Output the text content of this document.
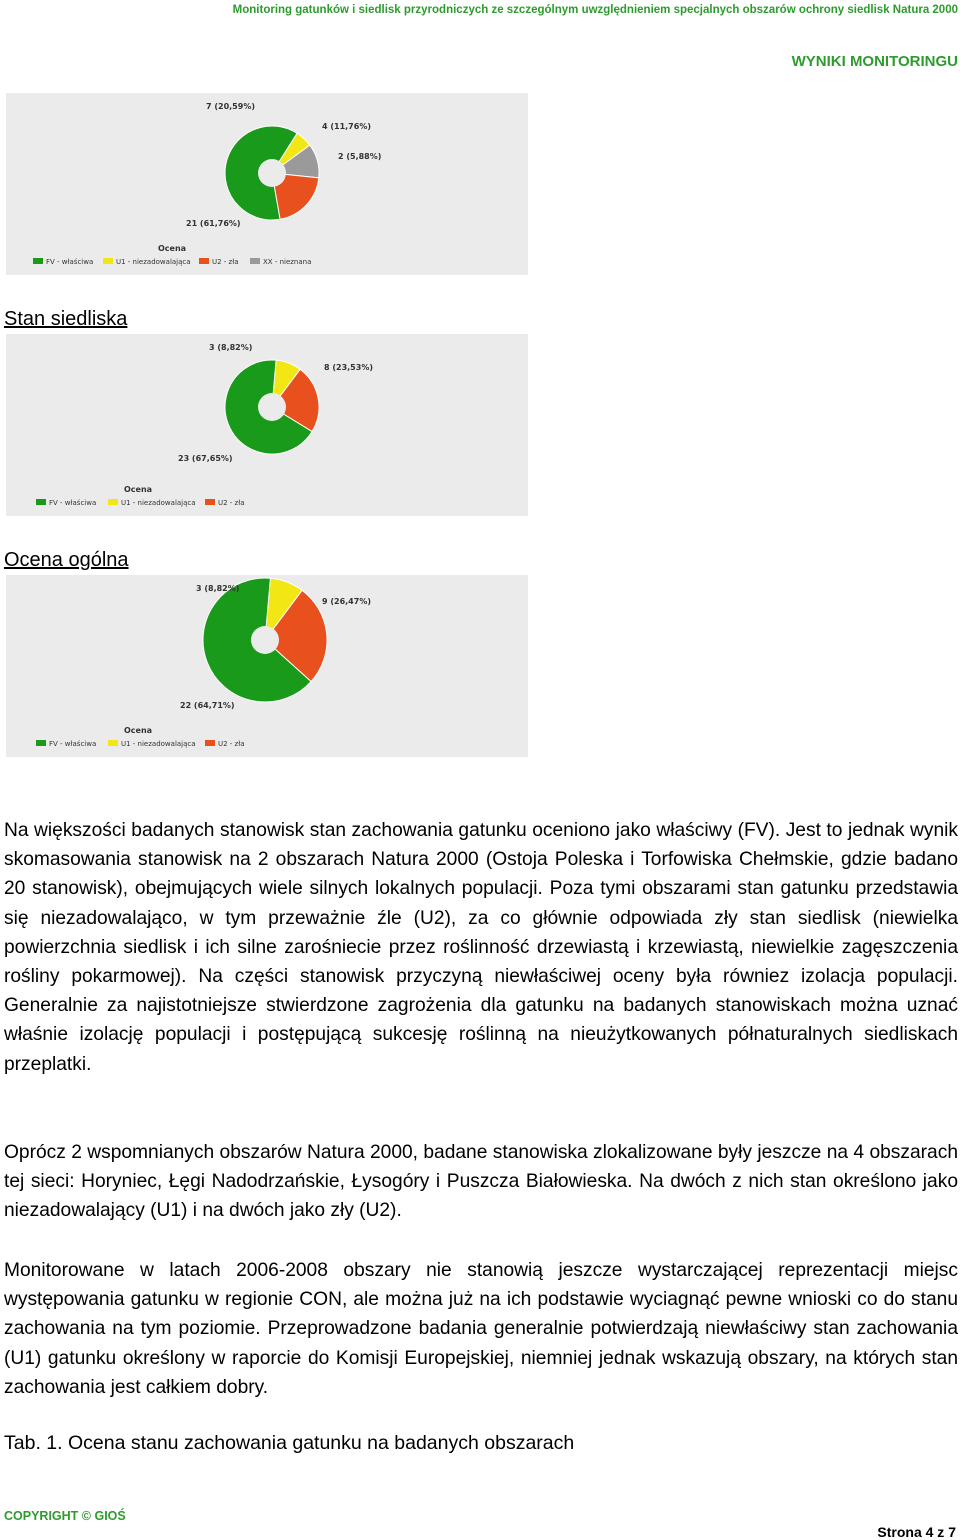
Monitoring gatunków i siedlisk przyrodniczych ze szczególnym uwzględnieniem specjalnych obszarów ochrony siedlisk Natura 2000
WYNIKI MONITORINGU
7 (20,59%)
4 (11,76%)
2 (5,88%)
21 (61,76%)
Ocena
FV - właściwa	U1 - niezadowalająca	U2 - zła	XX - nieznana
Stan siedliska
3 (8,82%)
8 (23,53%)
23 (67,65%)
Ocena
FV - właściwa	U1 - niezadowalająca	U2 - zła
Ocena ogólna
3 (8,82%)
9 (26,47%)
22 (64,71%)
Ocena
FV - właściwa	U1 - niezadowalająca	U2 - zła

Na większości badanych stanowisk stan zachowania gatunku oceniono jako właściwy (FV). Jest to jednak wynik skomasowania stanowisk na 2 obszarach Natura 2000 (Ostoja Poleska i Torfowiska Chełmskie, gdzie badano 20 stanowisk), obejmujących wiele silnych lokalnych populacji. Poza tymi obszarami stan gatunku przedstawia się niezadowalająco, w tym przeważnie źle (U2), za co głównie odpowiada zły stan siedlisk (niewielka powierzchnia siedlisk i ich silne zarośniecie przez roślinność drzewiastą i krzewiastą, niewielkie zagęszczenia rośliny pokarmowej). Na części stanowisk przyczyną niewłaściwej oceny była równiez izolacja populacji. Generalnie za najistotniejsze stwierdzone zagrożenia dla gatunku na badanych stanowiskach można uznać właśnie izolację populacji i postępującą sukcesję roślinną na nieużytkowanych półnaturalnych siedliskach przeplatki.

Oprócz 2 wspomnianych obszarów Natura 2000, badane stanowiska zlokalizowane były jeszcze na 4 obszarach tej sieci: Horyniec, Łęgi Nadodrzańskie, Łysogóry i Puszcza Białowieska. Na dwóch z nich stan określono jako niezadowalający (U1) i na dwóch jako zły (U2).

Monitorowane w latach 2006-2008 obszary nie stanowią jeszcze wystarczającej reprezentacji miejsc występowania gatunku w regionie CON, ale można już na ich podstawie wyciagnąć pewne wnioski co do stanu zachowania na tym poziomie. Przeprowadzone badania generalnie potwierdzają niewłaściwy stan zachowania (U1) gatunku określony w raporcie do Komisji Europejskiej, niemniej jednak wskazują obszary, na których stan zachowania jest całkiem dobry.

Tab. 1. Ocena stanu zachowania gatunku na badanych obszarach
COPYRIGHT © GIOŚ
Strona 4 z 7
